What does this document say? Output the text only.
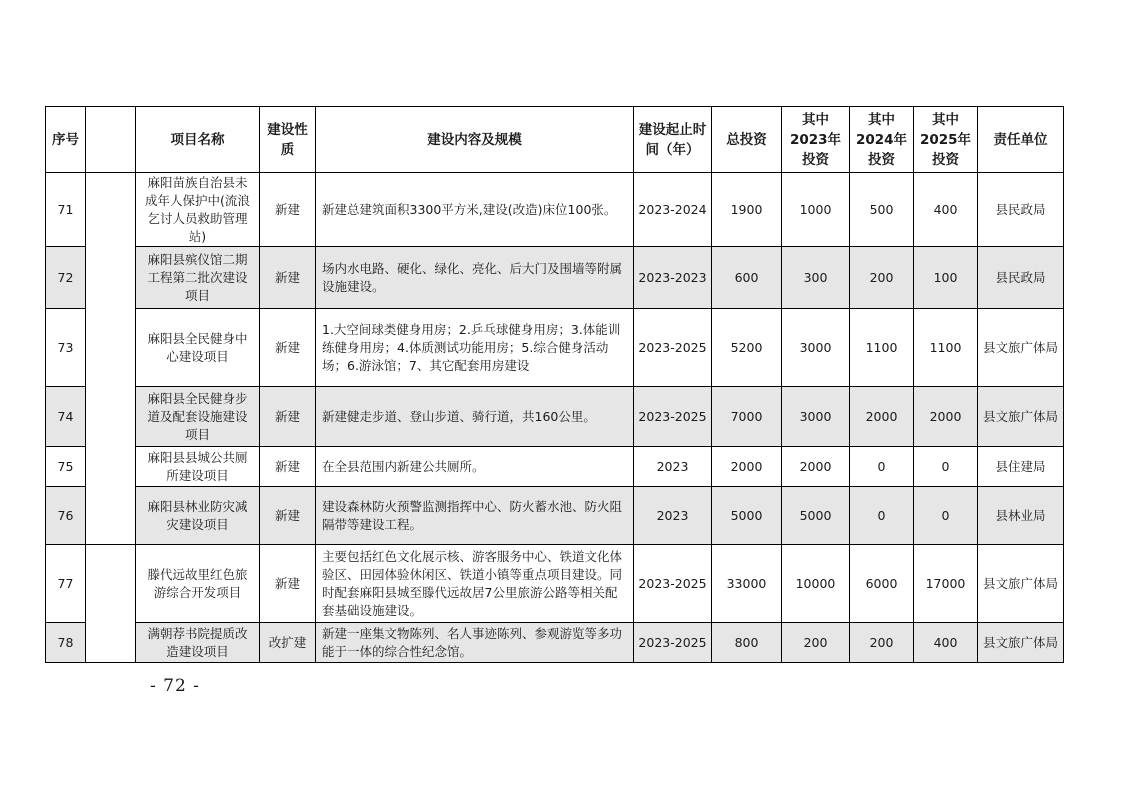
序号		项目名称	建设性质	建设内容及规模	建设起止时间（年）	总投资	其中2023年投资	其中2024年投资	其中2025年投资	责任单位
71		麻阳苗族自治县未成年人保护中(流浪乞讨人员救助管理站)	新建	新建总建筑面积3300平方米,建设(改造)床位100张。	2023-2024	1900	1000	500	400	县民政局
72		麻阳县殡仪馆二期工程第二批次建设项目	新建	场内水电路、硬化、绿化、亮化、后大门及围墙等附属设施建设。	2023-2023	600	300	200	100	县民政局
73		麻阳县全民健身中心建设项目	新建	1.大空间球类健身用房；2.乒乓球健身用房；3.体能训练健身用房；4.体质测试功能用房；5.综合健身活动场；6.游泳馆；7、其它配套用房建设	2023-2025	5200	3000	1100	1100	县文旅广体局
74		麻阳县全民健身步道及配套设施建设项目	新建	新建健走步道、登山步道、骑行道，共160公里。	2023-2025	7000	3000	2000	2000	县文旅广体局
75		麻阳县县城公共厕所建设项目	新建	在全县范围内新建公共厕所。	2023	2000	2000	0	0	县住建局
76		麻阳县林业防灾减灾建设项目	新建	建设森林防火预警监测指挥中心、防火蓄水池、防火阻隔带等建设工程。	2023	5000	5000	0	0	县林业局
77		滕代远故里红色旅游综合开发项目	新建	主要包括红色文化展示核、游客服务中心、铁道文化体验区、田园体验休闲区、铁道小镇等重点项目建设。同时配套麻阳县城至滕代远故居7公里旅游公路等相关配套基础设施建设。	2023-2025	33000	10000	6000	17000	县文旅广体局
78		满朝荐书院提质改造建设项目	改扩建	新建一座集文物陈列、名人事迹陈列、参观游览等多功能于一体的综合性纪念馆。	2023-2025	800	200	200	400	县文旅广体局
- 72 -
